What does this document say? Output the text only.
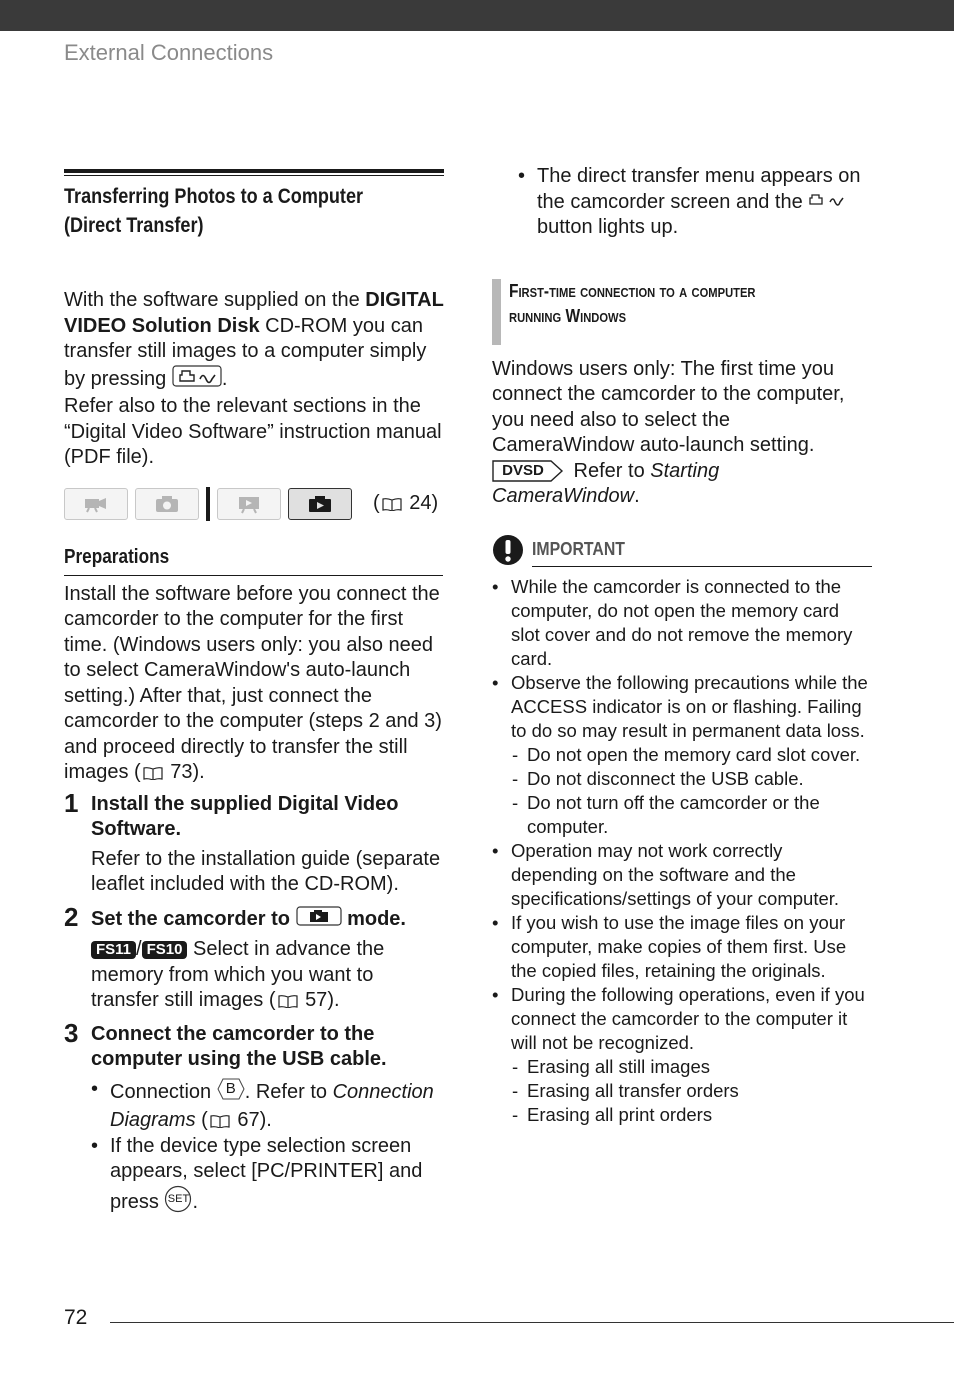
External Connections
Transferring Photos to a Computer
(Direct Transfer)
With the software supplied on the DIGITAL VIDEO Solution Disk CD-ROM you can transfer still images to a computer simply by pressing	.
Refer also to the relevant sections in the “Digital Video Software” instruction manual (PDF file).
( 24)
Preparations
Install the software before you connect the camcorder to the computer for the first time. (Windows users only: you also need to select CameraWindow's auto-launch setting.) After that, just connect the camcorder to the computer (steps 2 and 3) and proceed directly to transfer the still images ( 73).
1 Install the supplied Digital Video Software.
Refer to the installation guide (separate leaflet included with the CD-ROM).
2 Set the camcorder to	mode.
FS11 / FS10 Select in advance the memory from which you want to transfer still images ( 57).
3 Connect the camcorder to the computer using the USB cable.
• Connection B . Refer to Connection Diagrams ( 67).
• If the device type selection screen appears, select [PC/PRINTER] and press SET .
• The direct transfer menu appears on the camcorder screen and the  button lights up.
First-time connection to a computer
running Windows
Windows users only: The first time you connect the camcorder to the computer, you need also to select the CameraWindow auto-launch setting.
DVSD	Refer to Starting CameraWindow.
IMPORTANT
• While the camcorder is connected to the computer, do not open the memory card slot cover and do not remove the memory card.
• Observe the following precautions while the ACCESS indicator is on or flashing. Failing to do so may result in permanent data loss.
- Do not open the memory card slot cover.
- Do not disconnect the USB cable.
- Do not turn off the camcorder or the computer.
• Operation may not work correctly depending on the software and the specifications/settings of your computer.
• If you wish to use the image files on your computer, make copies of them first. Use the copied files, retaining the originals.
• During the following operations, even if you connect the camcorder to the computer it will not be recognized.
- Erasing all still images
- Erasing all transfer orders
- Erasing all print orders
72
